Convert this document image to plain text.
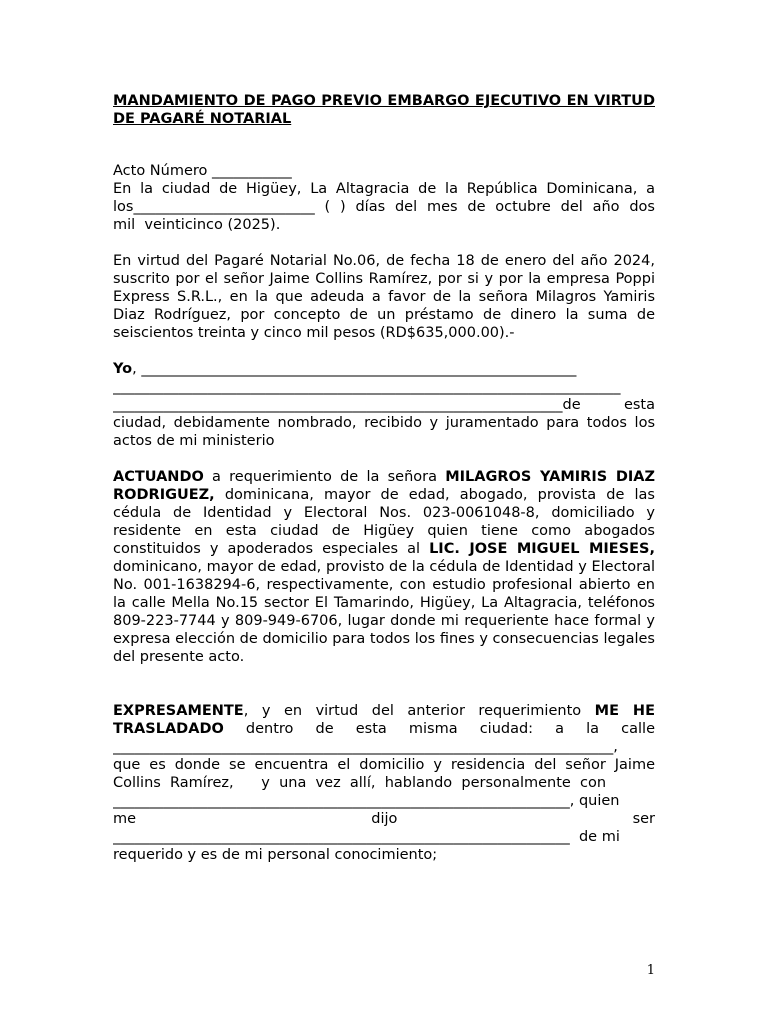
MANDAMIENTO DE PAGO PREVIO EMBARGO EJECUTIVO EN VIRTUD DE PAGARÉ NOTARIAL
Acto Número ___________
En la ciudad de Higüey, La Altagracia de la República Dominicana, a
los_________________________ ( ) días del mes de octubre del año dos
mil  veinticinco (2025).
En virtud del Pagaré Notarial No.06, de fecha 18 de enero del año 2024, suscrito por el señor Jaime Collins Ramírez, por si y por la empresa Poppi Express S.R.L., en la que adeuda a favor de la señora Milagros Yamiris Diaz Rodríguez, por concepto de un préstamo de dinero la suma de seiscientos treinta y cinco mil pesos (RD$635,000.00).-
Yo, ____________________________________________________________
______________________________________________________________________
______________________________________________________________de esta
ciudad, debidamente nombrado, recibido y juramentado para todos los
actos de mi ministerio
ACTUANDO a requerimiento de la señora MILAGROS YAMIRIS DIAZ RODRIGUEZ, dominicana, mayor de edad, abogado, provista de las cédula de Identidad y Electoral Nos. 023-0061048-8, domiciliado y residente en esta ciudad de Higüey quien tiene como abogados constituidos y apoderados especiales al LIC. JOSE MIGUEL MIESES, dominicano, mayor de edad, provisto de la cédula de Identidad y Electoral No. 001-1638294-6, respectivamente, con estudio profesional abierto en la calle Mella No.15 sector El Tamarindo, Higüey, La Altagracia, teléfonos 809-223-7744 y 809-949-6706, lugar donde mi requeriente hace formal y expresa elección de domicilio para todos los fines y consecuencias legales del presente acto.
EXPRESAMENTE, y en virtud del anterior requerimiento ME HE TRASLADADO dentro de esta misma ciudad: a la calle
_____________________________________________________________________,
que es donde se encuentra el domicilio y residencia del señor Jaime
Collins  Ramírez,      y  una  vez  allí,  hablando  personalmente  con
_______________________________________________________________, quien
me	dijo	ser
_______________________________________________________________  de mi
requerido y es de mi personal conocimiento;
1
